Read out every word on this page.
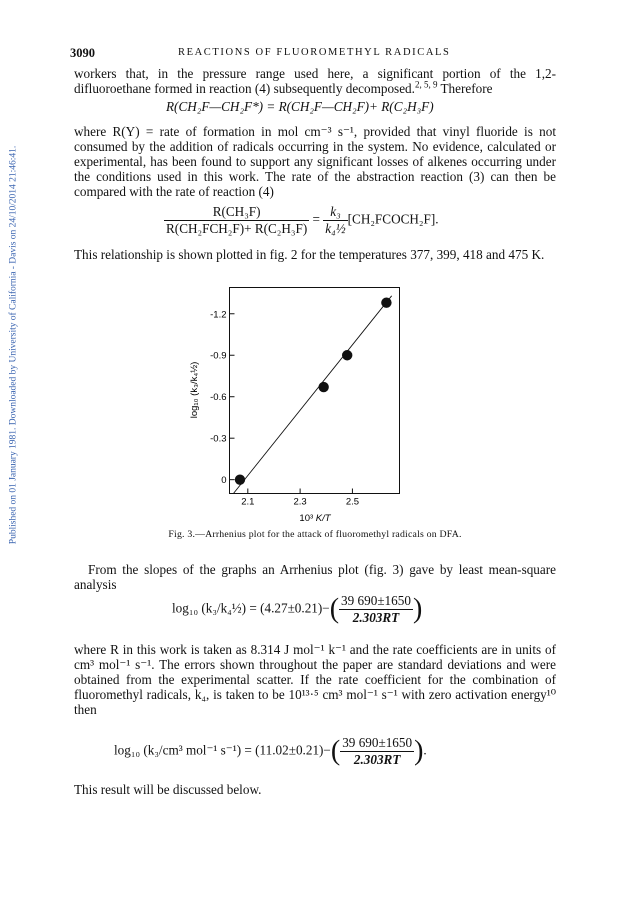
Published on 01 January 1981. Downloaded by University of California - Davis on 24/10/2014 21:46:41.
3090	REACTIONS OF FLUOROMETHYL RADICALS

workers that, in the pressure range used here, a significant portion of the 1,2-difluoroethane formed in reaction (4) subsequently decomposed.$^{2, 5, 9}$ Therefore

R(CH₂F—CH₂F*) = R(CH₂F—CH₂F)+ R(C₂H₃F)

where R(Y) = rate of formation in mol cm⁻³ s⁻¹, provided that vinyl fluoride is not consumed by the addition of radicals occurring in the system. No evidence, calculated or experimental, has been found to support any significant losses of alkenes occurring under the conditions used in this work. The rate of the abstraction reaction (3) can then be compared with the rate of reaction (4)

$\frac{\text{R(CH₃F)}}{\text{R(CH₂FCH₂F)+ R(C₂H₃F)}} = \frac{\text{k₃}}{\text{k₄½}}$ [CH₂FCOCH₂F].

This relationship is shown plotted in fig. 2 for the temperatures 377, 399, 418 and 475 K.

0
-0.3
-0.6
-0.9
-1.2
2.1	2.3	2.5
10³ K/T
log₁₀ (k₃/k₄½)
Fig. 3.—Arrhenius plot for the attack of fluoromethyl radicals on DFA.

From the slopes of the graphs an Arrhenius plot (fig. 3) gave by least mean-square analysis

log₁₀ (k₃/k₄½) = $(4.27\pm 0.21)-( \frac{39 690\pm 1650}{2.303RT}$ )

where R in this work is taken as 8.314 J mol⁻¹ k⁻¹ and the rate coefficients are in units of cm³ mol⁻¹ s⁻¹. The errors shown throughout the paper are standard deviations and were obtained from the experimental scatter. If the rate coefficient for the combination of fluoromethyl radicals, k₄, is taken to be 10¹³·⁵ cm³ mol⁻¹ s⁻¹ with zero activation energy¹⁰ then

log₁₀ (k₃/cm³ mol⁻¹ $s^{-1}) = (11.02\pm 0.21)-( \frac{39 690\pm 1650}{2.303RT}$ ).

This result will be discussed below.
